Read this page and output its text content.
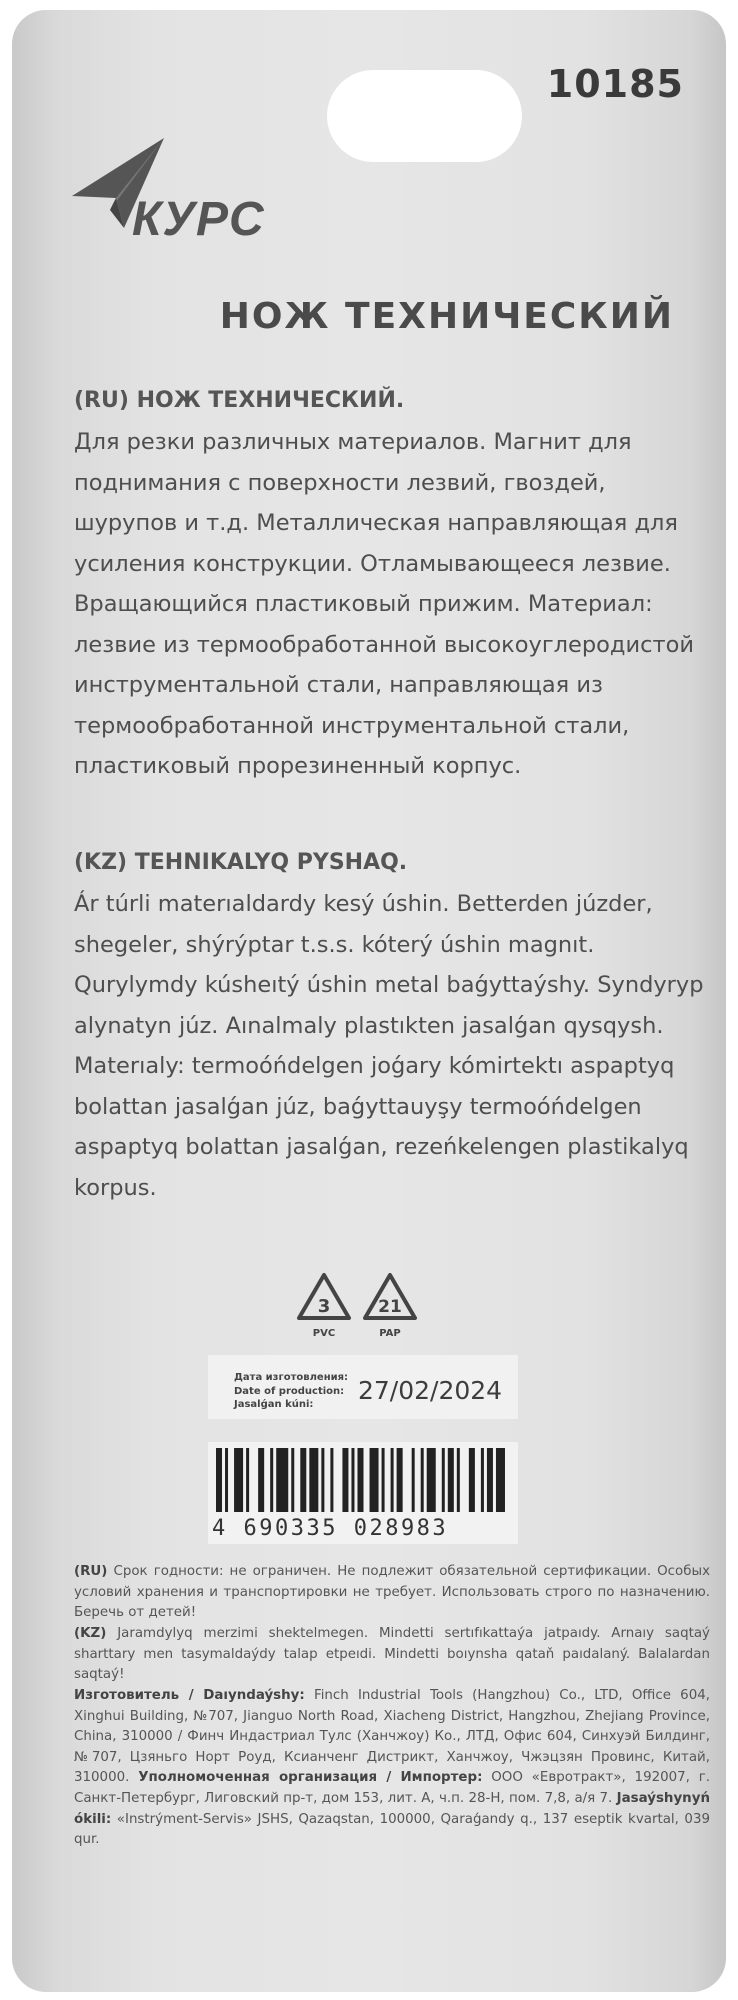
10185
КУРС
НОЖ ТЕХНИЧЕСКИЙ
(RU) НОЖ ТЕХНИЧЕСКИЙ.
Для резки различных материалов. Магнит для поднимания с поверхности лезвий, гвоздей, шурупов и т.д. Металлическая направляющая для усиления конструкции. Отламывающееся лезвие. Вращающийся пластиковый прижим. Материал: лезвие из термообработанной высокоуглеродистой инструментальной стали, направляющая из термообработанной инструментальной стали, пластиковый прорезиненный корпус.
(KZ) TEHNIKALYQ PYSHAQ.
Ár túrli materıaldardy kesý úshin. Betterden júzder, shegeler, shýrýptar t.s.s. kóterý úshin magnıt. Qurylymdy kúsheıtý úshin metal baǵyttaýshy. Syndyryp alynatyn júz. Aınalmaly plastıkten jasalǵan qysqysh. Materıaly: termoóńdelgen joǵary kómirtektı aspaptyq bolattan jasalǵan júz, baǵyttauyşy termoóńdelgen aspaptyq bolattan jasalǵan, rezeńkelengen plastikalyq korpus.
3
PVC
21
PAP
Дата изготовления:
Date of production:
Jasalǵan kúni:	27/02/2024
4 690335 028983
(RU) Срок годности: не ограничен. Не подлежит обязательной сертификации. Особых условий хранения и транспортировки не требует. Использовать строго по назначению. Беречь от детей!
(KZ) Jaramdylyq merzimi shektelmegen. Mindetti sertıfıkattaýa jatpaıdy. Arnaıy saqtaý sharttary men tasymaldaýdy talap etpeıdi. Mindetti boıynsha qataň paıdalaný. Balalardan saqtaý!
Изготовитель / Daıyndaýshy: Finch Industrial Tools (Hangzhou) Co., LTD, Office 604, Xinghui Building, №707, Jianguo North Road, Xiacheng District, Hangzhou, Zhejiang Province, China, 310000 / Финч Индастриал Тулс (Ханчжоу) Ко., ЛТД, Офис 604, Синхуэй Билдинг, №707, Цзяньго Норт Роуд, Ксианченг Дистрикт, Ханчжоу, Чжэцзян Провинс, Китай, 310000. Уполномоченная организация / Импортер: ООО «Евротракт», 192007, г. Санкт-Петербург, Лиговский пр-т, дом 153, лит. А, ч.п. 28-Н, пом. 7,8, а/я 7. Jasaýshynyń ókili: «Instrýment-Servis» JSHS, Qazaqstan, 100000, Qaraǵandy q., 137 eseptik kvartal, 039 qur.
